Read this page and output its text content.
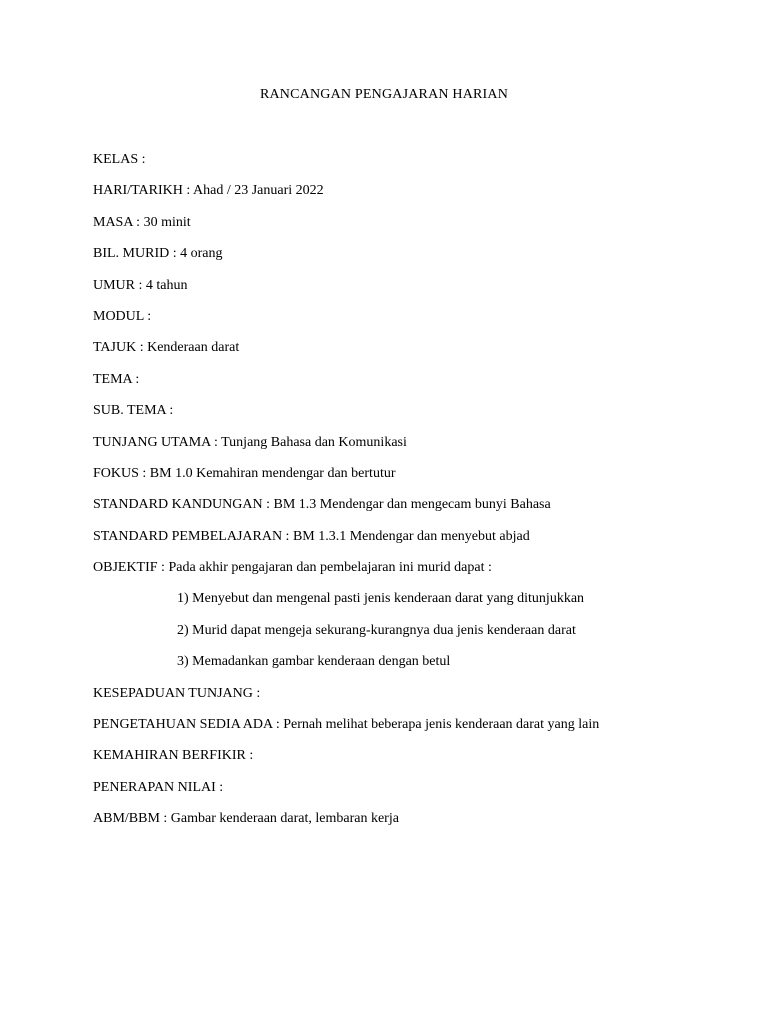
RANCANGAN PENGAJARAN HARIAN
KELAS :
HARI/TARIKH : Ahad / 23 Januari 2022
MASA : 30 minit
BIL. MURID : 4 orang
UMUR : 4 tahun
MODUL :
TAJUK : Kenderaan darat
TEMA :
SUB. TEMA :
TUNJANG UTAMA : Tunjang Bahasa dan Komunikasi
FOKUS : BM 1.0 Kemahiran mendengar dan bertutur
STANDARD KANDUNGAN : BM 1.3 Mendengar dan mengecam bunyi Bahasa
STANDARD PEMBELAJARAN : BM 1.3.1 Mendengar dan menyebut abjad
OBJEKTIF : Pada akhir pengajaran dan pembelajaran ini murid dapat :
1) Menyebut dan mengenal pasti jenis kenderaan darat yang ditunjukkan
2) Murid dapat mengeja sekurang-kurangnya dua jenis kenderaan darat
3) Memadankan gambar kenderaan dengan betul
KESEPADUAN TUNJANG :
PENGETAHUAN SEDIA ADA : Pernah melihat beberapa jenis kenderaan darat yang lain
KEMAHIRAN BERFIKIR :
PENERAPAN NILAI :
ABM/BBM : Gambar kenderaan darat, lembaran kerja
